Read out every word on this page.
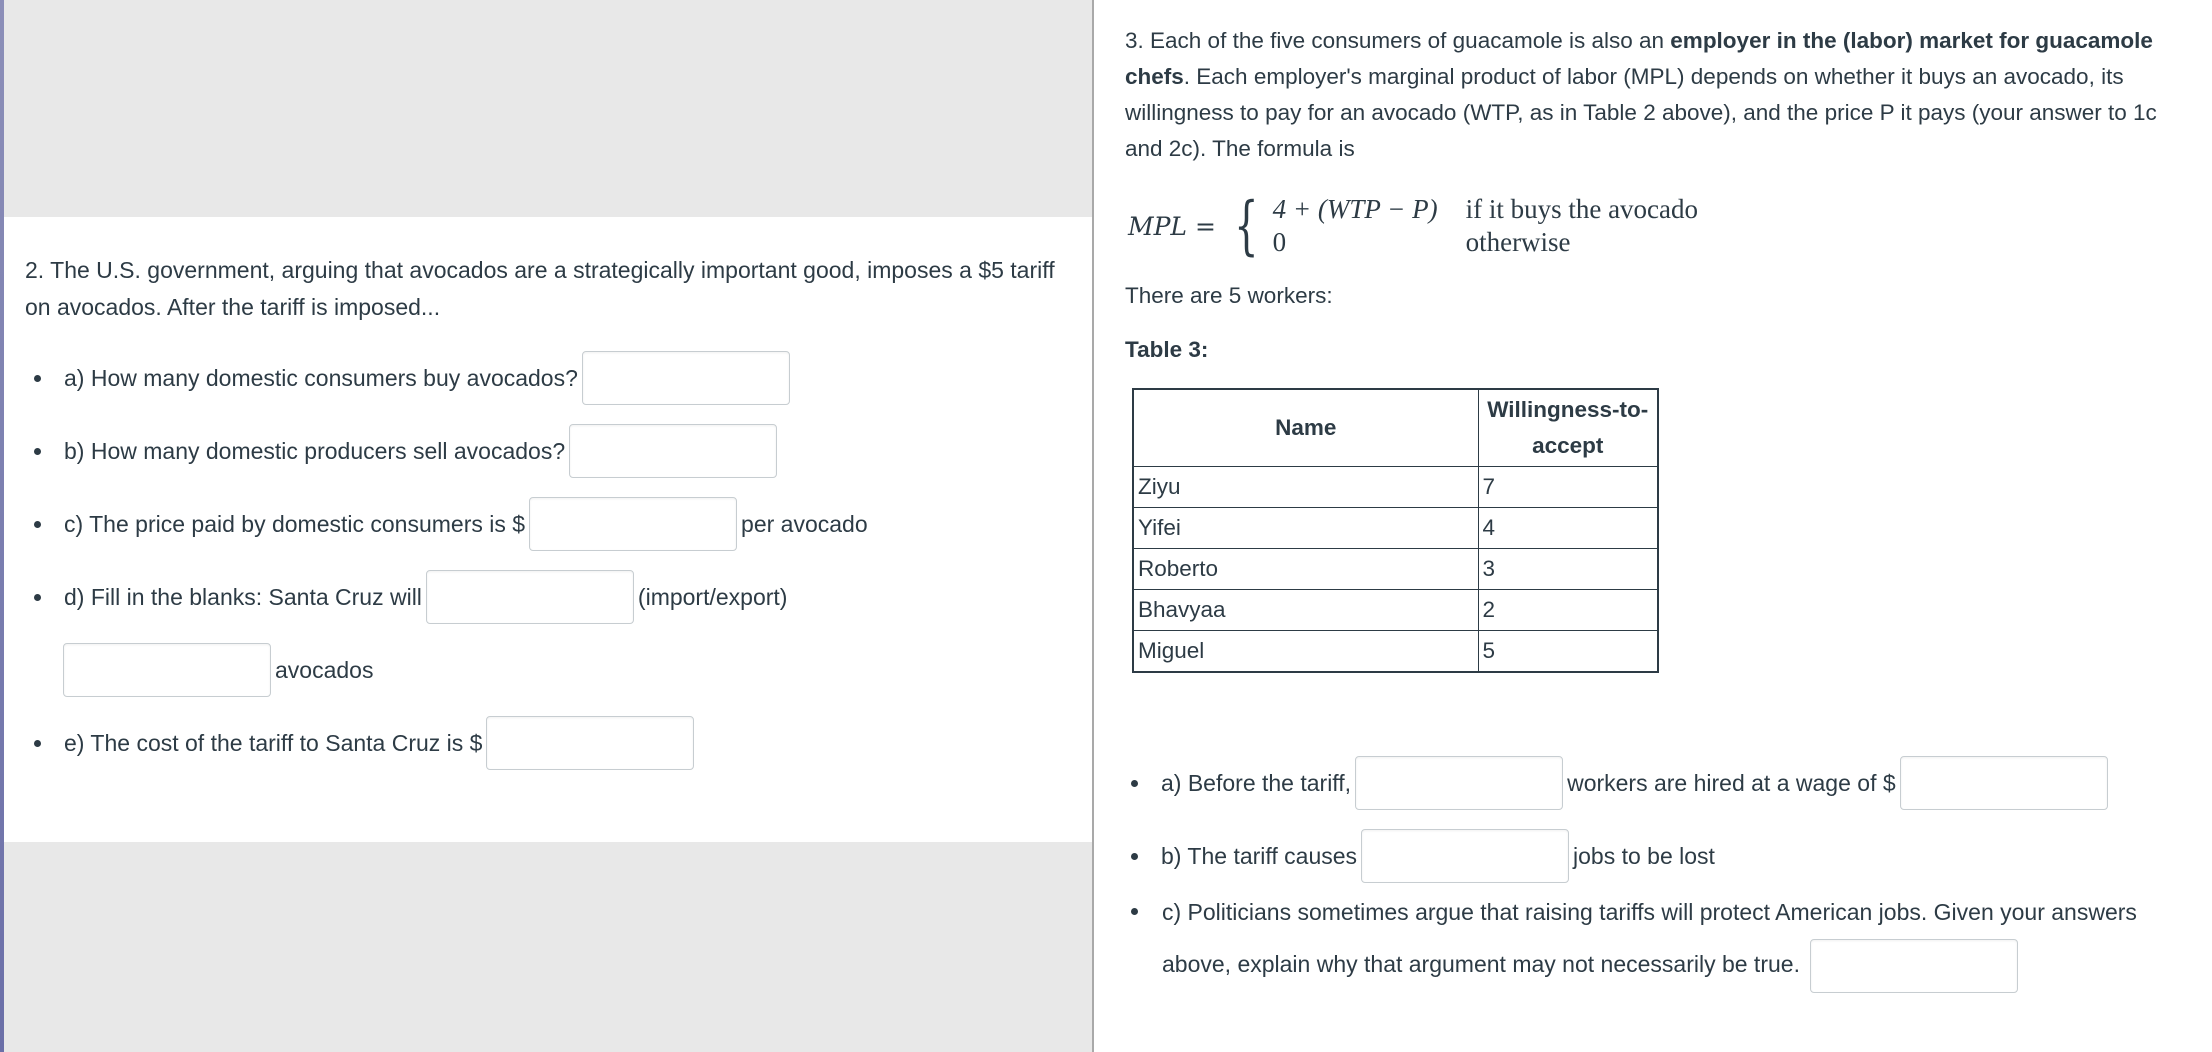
2. The U.S. government, arguing that avocados are a strategically important good, imposes a $5 tariff on avocados. After the tariff is imposed...

a) How many domestic consumers buy avocados?
b) How many domestic producers sell avocados?
c) The price paid by domestic consumers is $	per avocado
d) Fill in the blanks: Santa Cruz will	(import/export)
avocados
e) The cost of the tariff to Santa Cruz is $

3. Each of the five consumers of guacamole is also an employer in the (labor) market for guacamole chefs. Each employer's marginal product of labor (MPL) depends on whether it buys an avocado, its willingness to pay for an avocado (WTP, as in Table 2 above), and the price P it pays (your answer to 1c and 2c). The formula is

MPL = { 4 + (WTP − P) if it buys the avocado
0	otherwise
There are 5 workers:
Table 3:
Name	Willingness-to-accept
Ziyu	7
Yifei	4
Roberto	3
Bhavyaa	2
Miguel	5
a) Before the tariff,	workers are hired at a wage of $
b) The tariff causes	jobs to be lost
c) Politicians sometimes argue that raising tariffs will protect American jobs. Given your answers above, explain why that argument may not necessarily be true.
